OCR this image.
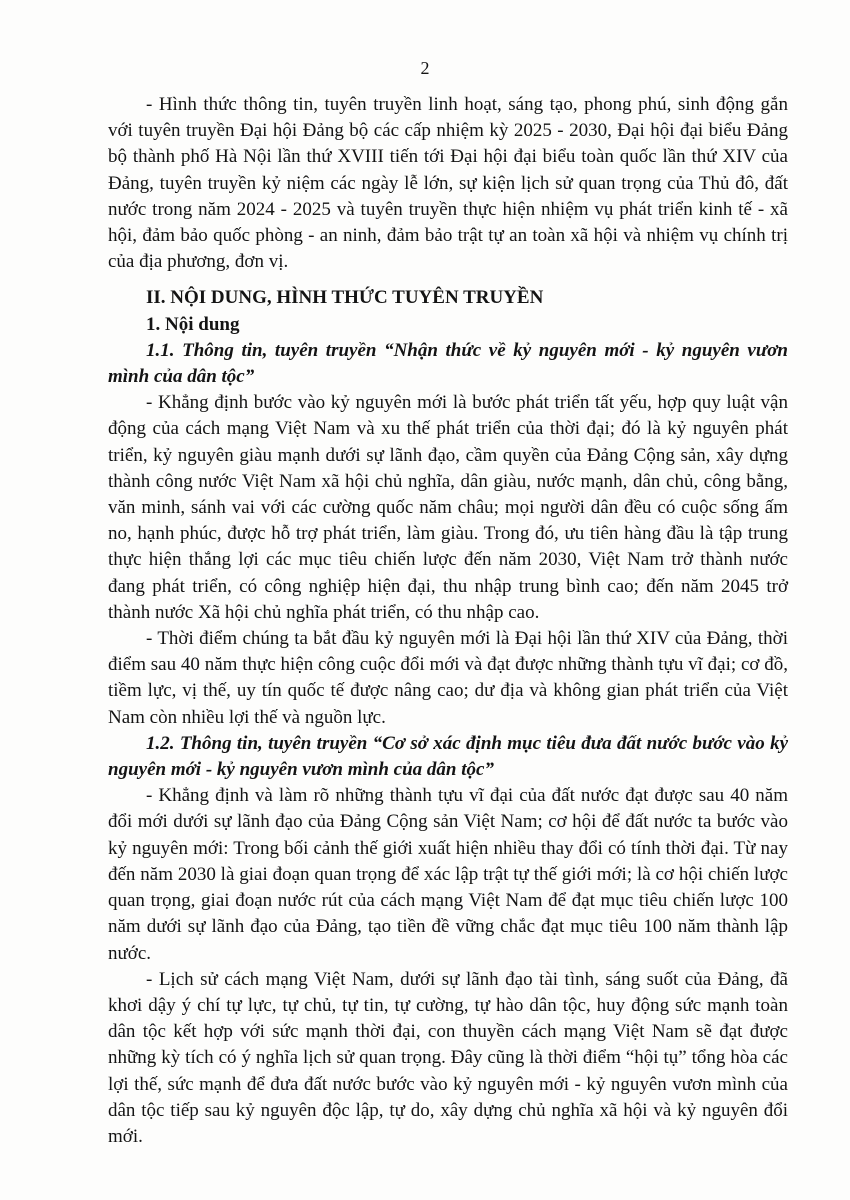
2

- Hình thức thông tin, tuyên truyền linh hoạt, sáng tạo, phong phú, sinh động gắn với tuyên truyền Đại hội Đảng bộ các cấp nhiệm kỳ 2025 - 2030, Đại hội đại biểu Đảng bộ thành phố Hà Nội lần thứ XVIII tiến tới Đại hội đại biểu toàn quốc lần thứ XIV của Đảng, tuyên truyền kỷ niệm các ngày lễ lớn, sự kiện lịch sử quan trọng của Thủ đô, đất nước trong năm 2024 - 2025 và tuyên truyền thực hiện nhiệm vụ phát triển kinh tế - xã hội, đảm bảo quốc phòng - an ninh, đảm bảo trật tự an toàn xã hội và nhiệm vụ chính trị của địa phương, đơn vị.

II. NỘI DUNG, HÌNH THỨC TUYÊN TRUYỀN
1. Nội dung
1.1. Thông tin, tuyên truyền “Nhận thức về kỷ nguyên mới - kỷ nguyên vươn mình của dân tộc”

- Khẳng định bước vào kỷ nguyên mới là bước phát triển tất yếu, hợp quy luật vận động của cách mạng Việt Nam và xu thế phát triển của thời đại; đó là kỷ nguyên phát triển, kỷ nguyên giàu mạnh dưới sự lãnh đạo, cầm quyền của Đảng Cộng sản, xây dựng thành công nước Việt Nam xã hội chủ nghĩa, dân giàu, nước mạnh, dân chủ, công bằng, văn minh, sánh vai với các cường quốc năm châu; mọi người dân đều có cuộc sống ấm no, hạnh phúc, được hỗ trợ phát triển, làm giàu. Trong đó, ưu tiên hàng đầu là tập trung thực hiện thắng lợi các mục tiêu chiến lược đến năm 2030, Việt Nam trở thành nước đang phát triển, có công nghiệp hiện đại, thu nhập trung bình cao; đến năm 2045 trở thành nước Xã hội chủ nghĩa phát triển, có thu nhập cao.

- Thời điểm chúng ta bắt đầu kỷ nguyên mới là Đại hội lần thứ XIV của Đảng, thời điểm sau 40 năm thực hiện công cuộc đổi mới và đạt được những thành tựu vĩ đại; cơ đồ, tiềm lực, vị thế, uy tín quốc tế được nâng cao; dư địa và không gian phát triển của Việt Nam còn nhiều lợi thế và nguồn lực.

1.2. Thông tin, tuyên truyền “Cơ sở xác định mục tiêu đưa đất nước bước vào kỷ nguyên mới - kỷ nguyên vươn mình của dân tộc”

- Khẳng định và làm rõ những thành tựu vĩ đại của đất nước đạt được sau 40 năm đổi mới dưới sự lãnh đạo của Đảng Cộng sản Việt Nam; cơ hội để đất nước ta bước vào kỷ nguyên mới: Trong bối cảnh thế giới xuất hiện nhiều thay đổi có tính thời đại. Từ nay đến năm 2030 là giai đoạn quan trọng để xác lập trật tự thế giới mới; là cơ hội chiến lược quan trọng, giai đoạn nước rút của cách mạng Việt Nam để đạt mục tiêu chiến lược 100 năm dưới sự lãnh đạo của Đảng, tạo tiền đề vững chắc đạt mục tiêu 100 năm thành lập nước.

- Lịch sử cách mạng Việt Nam, dưới sự lãnh đạo tài tình, sáng suốt của Đảng, đã khơi dậy ý chí tự lực, tự chủ, tự tin, tự cường, tự hào dân tộc, huy động sức mạnh toàn dân tộc kết hợp với sức mạnh thời đại, con thuyền cách mạng Việt Nam sẽ đạt được những kỳ tích có ý nghĩa lịch sử quan trọng. Đây cũng là thời điểm “hội tụ” tổng hòa các lợi thế, sức mạnh để đưa đất nước bước vào kỷ nguyên mới - kỷ nguyên vươn mình của dân tộc tiếp sau kỷ nguyên độc lập, tự do, xây dựng chủ nghĩa xã hội và kỷ nguyên đổi mới.
